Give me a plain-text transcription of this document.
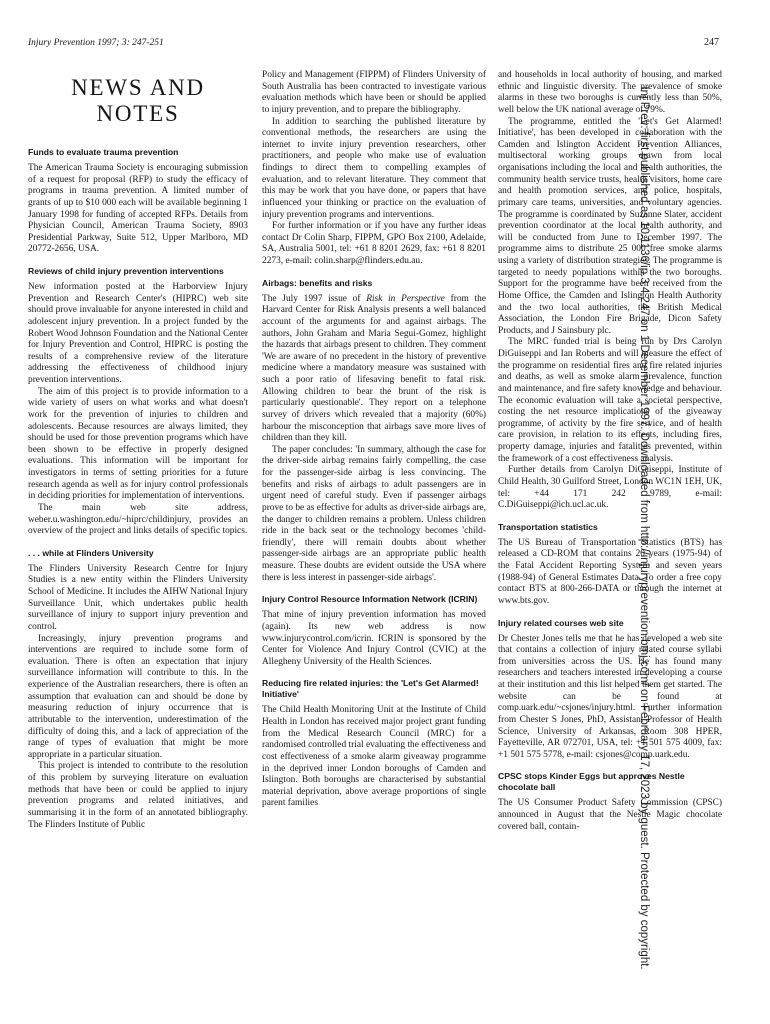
Injury Prevention 1997; 3: 247-251	247
Inj Prev: first published as 10.1136/ip.3.4.247 on 1 December 1997. Downloaded from http://injuryprevention.bmj.com/ on February 17, 2023 by guest. Protected by copyright.
NEWS AND
NOTES
Funds to evaluate trauma prevention

The American Trauma Society is encouraging submission of a request for proposal (RFP) to study the efficacy of programs in trauma prevention. A limited number of grants of up to $10 000 each will be available beginning 1 January 1998 for funding of accepted RFPs. Details from Physician Council, American Trauma Society, 8903 Presidential Parkway, Suite 512, Upper Marlboro, MD 20772-2656, USA.

Reviews of child injury prevention interventions

New information posted at the Harborview Injury Prevention and Research Center's (HIPRC) web site should prove invaluable for anyone interested in child and adolescent injury prevention. In a project funded by the Robert Wood Johnson Foundation and the National Center for Injury Prevention and Control, HIPRC is posting the results of a comprehensive review of the literature addressing the effectiveness of childhood injury prevention interventions.

The aim of this project is to provide information to a wide variety of users on what works and what doesn't work for the prevention of injuries to children and adolescents. Because resources are always limited, they should be used for those prevention programs which have been shown to be effective in properly designed evaluations. This information will be important for investigators in terms of setting priorities for a future research agenda as well as for injury control professionals in deciding priorities for implementation of interventions.

The main web site address, weber.u.washington.edu/~hiprc/childinjury, provides an overview of the project and links details of specific topics.

. . . while at Flinders University

The Flinders University Research Centre for Injury Studies is a new entity within the Flinders University School of Medicine. It includes the AIHW National Injury Surveillance Unit, which undertakes public health surveillance of injury to support injury prevention and control.

Increasingly, injury prevention programs and interventions are required to include some form of evaluation. There is often an expectation that injury surveillance information will contribute to this. In the experience of the Australian researchers, there is often an assumption that evaluation can and should be done by measuring reduction of injury occurrence that is attributable to the intervention, underestimation of the difficulty of doing this, and a lack of appreciation of the range of types of evaluation that might be more appropriate in a particular situation.

This project is intended to contribute to the resolution of this problem by surveying literature on evaluation methods that have been or could be applied to injury prevention programs and related initiatives, and summarising it in the form of an annotated bibliography. The Flinders Institute of Public

Policy and Management (FIPPM) of Flinders University of South Australia has been contracted to investigate various evaluation methods which have been or should be applied to injury prevention, and to prepare the bibliography.

In addition to searching the published literature by conventional methods, the researchers are using the internet to invite injury prevention researchers, other practitioners, and people who make use of evaluation findings to direct them to compelling examples of evaluation, and to relevant literature. They comment that this may be work that you have done, or papers that have influenced your thinking or practice on the evaluation of injury prevention programs and interventions.

For further information or if you have any further ideas contact Dr Colin Sharp, FIPPM, GPO Box 2100, Adelaide, SA, Australia 5001, tel: +61 8 8201 2629, fax: +61 8 8201 2273, e-mail: colin.sharp@flinders.edu.au.

Airbags: benefits and risks

The July 1997 issue of Risk in Perspective from the Harvard Center for Risk Analysis presents a well balanced account of the arguments for and against airbags. The authors, John Graham and Maria Segui-Gomez, highlight the hazards that airbags present to children. They comment 'We are aware of no precedent in the history of preventive medicine where a mandatory measure was sustained with such a poor ratio of lifesaving benefit to fatal risk. Allowing children to bear the brunt of the risk is particularly questionable'. They report on a telephone survey of drivers which revealed that a majority (60%) harbour the misconception that airbags save more lives of children than they kill.

The paper concludes: 'In summary, although the case for the driver-side airbag remains fairly compelling, the case for the passenger-side airbag is less convincing. The benefits and risks of airbags to adult passengers are in urgent need of careful study. Even if passenger airbags prove to be as effective for adults as driver-side airbags are, the danger to children remains a problem. Unless children ride in the back seat or the technology becomes 'child-friendly', there will remain doubts about whether passenger-side airbags are an appropriate public health measure. These doubts are evident outside the USA where there is less interest in passenger-side airbags'.

Injury Control Resource Information Network (ICRIN)

That mine of injury prevention information has moved (again). Its new web address is now www.injurycontrol.com/icrin. ICRIN is sponsored by the Center for Violence And Injury Control (CVIC) at the Allegheny University of the Health Sciences.

Reducing fire related injuries: the 'Let's Get Alarmed! Initiative'

The Child Health Monitoring Unit at the Institute of Child Health in London has received major project grant funding from the Medical Research Council (MRC) for a randomised controlled trial evaluating the effectiveness and cost effectiveness of a smoke alarm giveaway programme in the deprived inner London boroughs of Camden and Islington. Both boroughs are characterised by substantial material deprivation, above average proportions of single parent families

and households in local authority of housing, and marked ethnic and linguistic diversity. The prevalence of smoke alarms in these two boroughs is currently less than 50%, well below the UK national average of 79%.

The programme, entitled the 'Let's Get Alarmed! Initiative', has been developed in collaboration with the Camden and Islington Accident Prevention Alliances, multisectoral working groups drawn from local organisations including the local and health authorities, the community health service trusts, health visitors, home care and health promotion services, and police, hospitals, primary care teams, universities, and voluntary agencies. The programme is coordinated by Suzanne Slater, accident prevention coordinator at the local health authority, and will be conducted from June to December 1997. The programme aims to distribute 25 000 free smoke alarms using a variety of distribution strategies. The programme is targeted to needy populations within the two boroughs. Support for the programme have been received from the Home Office, the Camden and Islington Health Authority and the two local authorities, the British Medical Association, the London Fire Brigade, Dicon Safety Products, and J Sainsbury plc.

The MRC funded trial is being run by Drs Carolyn DiGuiseppi and Ian Roberts and will measure the effect of the programme on residential fires and fire related injuries and deaths, as well as smoke alarm prevalence, function and maintenance, and fire safety knowledge and behaviour. The economic evaluation will take a societal perspective, costing the net resource implications of the giveaway programme, of activity by the fire service, and of health care provision, in relation to its effects, including fires, property damage, injuries and fatalities prevented, within the framework of a cost effectiveness analysis.

Further details from Carolyn DiGuiseppi, Institute of Child Health, 30 Guilford Street, London WC1N 1EH, UK, tel: +44 171 242 9789, e-mail: C.DiGuiseppi@ich.ucl.ac.uk.

Transportation statistics

The US Bureau of Transportation Statistics (BTS) has released a CD-ROM that contains 20 years (1975-94) of the Fatal Accident Reporting System and seven years (1988-94) of General Estimates Data. To order a free copy contact BTS at 800-266-DATA or through the internet at www.bts.gov.

Injury related courses web site

Dr Chester Jones tells me that he has developed a web site that contains a collection of injury related course syllabi from universities across the US. He has found many researchers and teachers interested in developing a course at their institution and this list helped them get started. The website can be found at comp.uark.edu/~csjones/injury.html. Further information from Chester S Jones, PhD, Assistant Professor of Health Science, University of Arkansas, Room 308 HPER, Fayetteville, AR 072701, USA, tel: +1 501 575 4009, fax: +1 501 575 5778, e-mail: csjones@comp.uark.edu.

CPSC stops Kinder Eggs but approves Nestle chocolate ball

The US Consumer Product Safety Commission (CPSC) announced in August that the Nestle Magic chocolate covered ball, contain-
